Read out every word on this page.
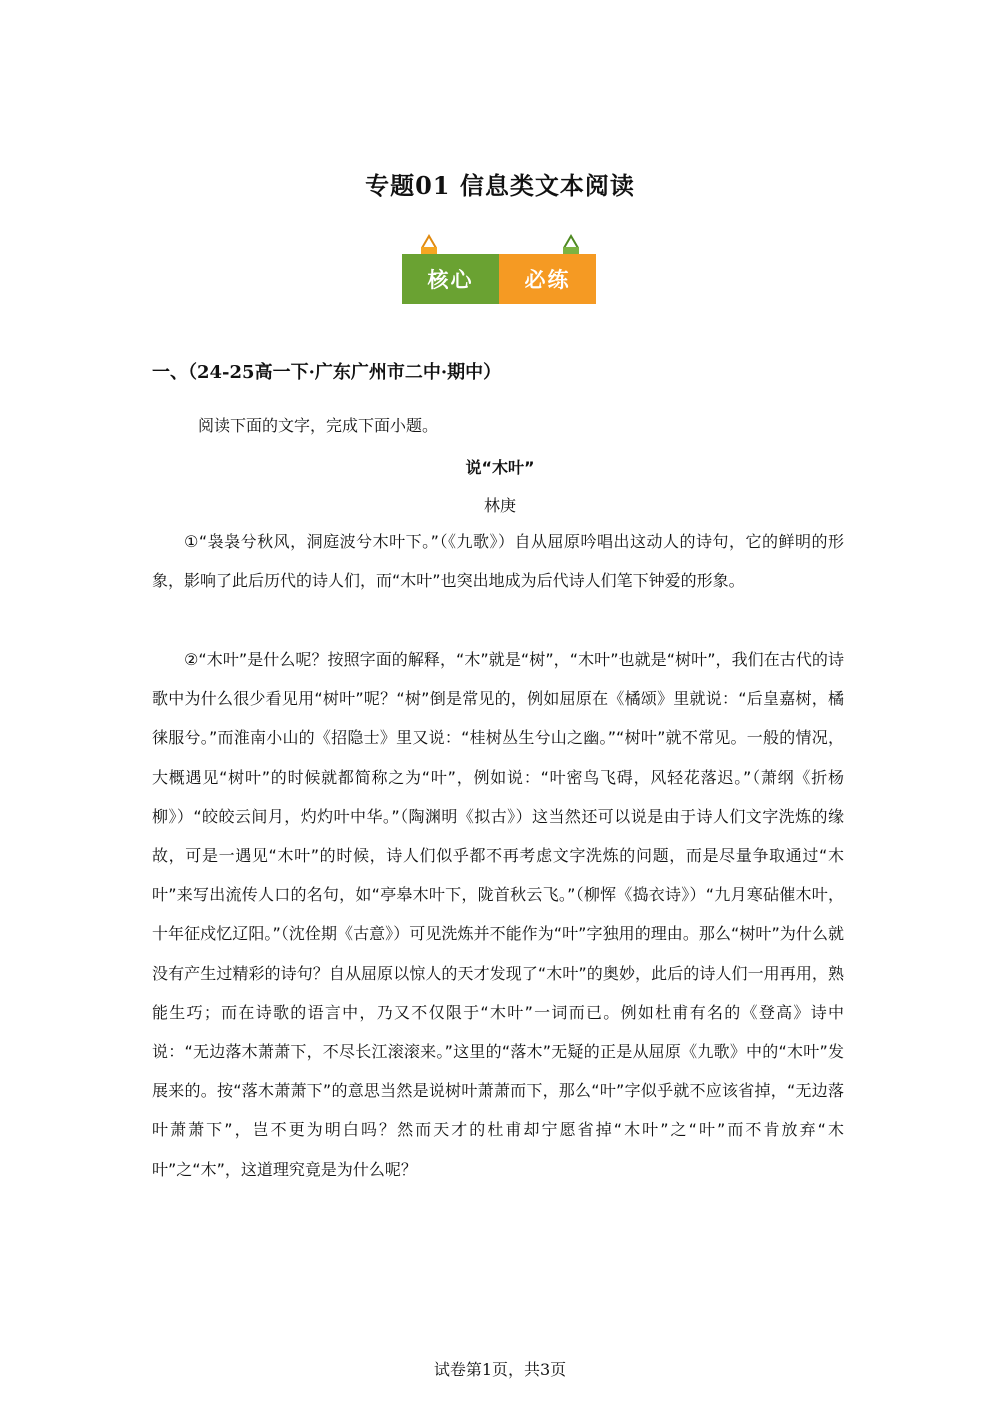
专题01 信息类文本阅读
核心	必练
一、（24-25高一下·广东广州市二中·期中）
阅读下面的文字，完成下面小题。
说“木叶”
林庚

①“袅袅兮秋风，洞庭波兮木叶下。”（《九歌》）自从屈原吟唱出这动人的诗句，它的鲜明的形象，影响了此后历代的诗人们，而“木叶”也突出地成为后代诗人们笔下钟爱的形象。

②“木叶”是什么呢？按照字面的解释，“木”就是“树”，“木叶”也就是“树叶”，我们在古代的诗歌中为什么很少看见用“树叶”呢？“树”倒是常见的，例如屈原在《橘颂》里就说：“后皇嘉树，橘徕服兮。”而淮南小山的《招隐士》里又说：“桂树丛生兮山之幽。”“树叶”就不常见。一般的情况，大概遇见“树叶”的时候就都简称之为“叶”，例如说：“叶密鸟飞碍，风轻花落迟。”（萧纲《折杨柳》）“皎皎云间月，灼灼叶中华。”（陶渊明《拟古》）这当然还可以说是由于诗人们文字洗炼的缘故，可是一遇见“木叶”的时候，诗人们似乎都不再考虑文字洗炼的问题，而是尽量争取通过“木叶”来写出流传人口的名句，如“亭皋木叶下，陇首秋云飞。”（柳恽《捣衣诗》）“九月寒砧催木叶，十年征戍忆辽阳。”（沈佺期《古意》）可见洗炼并不能作为“叶”字独用的理由。那么“树叶”为什么就没有产生过精彩的诗句？自从屈原以惊人的天才发现了“木叶”的奥妙，此后的诗人们一用再用，熟能生巧；而在诗歌的语言中，乃又不仅限于“木叶”一词而已。例如杜甫有名的《登高》诗中说：“无边落木萧萧下，不尽长江滚滚来。”这里的“落木”无疑的正是从屈原《九歌》中的“木叶”发展来的。按“落木萧萧下”的意思当然是说树叶萧萧而下，那么“叶”字似乎就不应该省掉，“无边落叶萧萧下”，岂不更为明白吗？然而天才的杜甫却宁愿省掉“木叶”之“叶”而不肯放弃“木叶”之“木”，这道理究竟是为什么呢？

试卷第1页，共3页
